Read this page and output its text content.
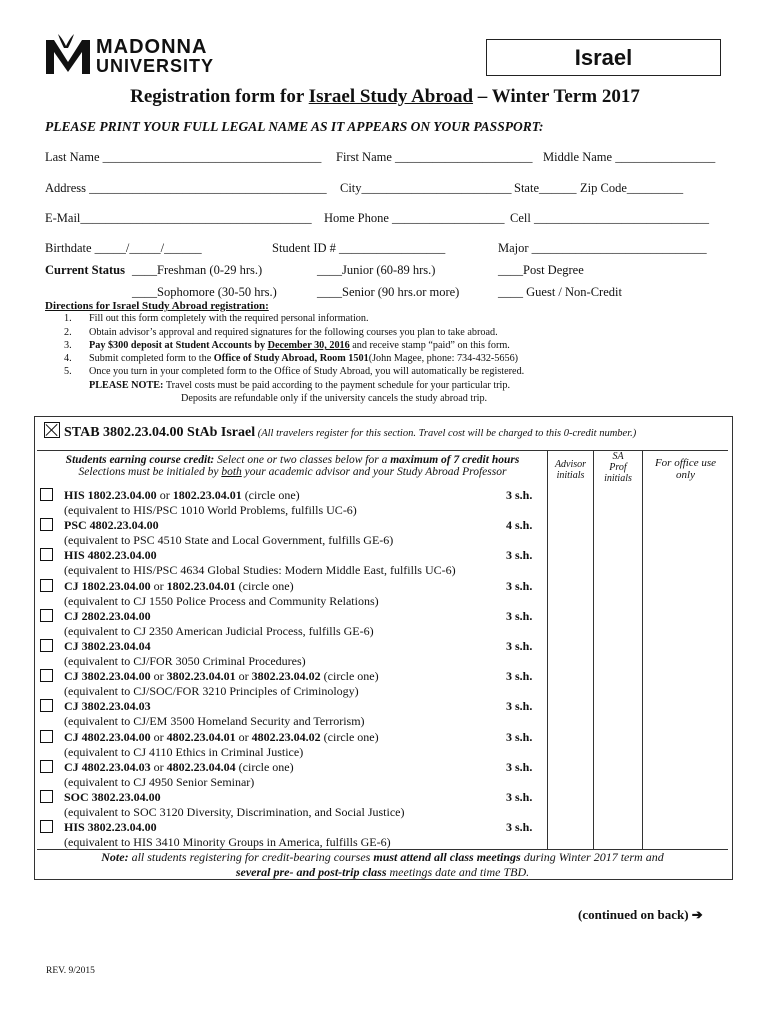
MADONNA
UNIVERSITY	Israel
Registration form for Israel Study Abroad – Winter Term 2017
PLEASE PRINT YOUR FULL LEGAL NAME AS IT APPEARS ON YOUR PASSPORT:
Last Name ___________________________________ First Name ______________________ Middle Name ________________
Address ______________________________________ City________________________ State______ Zip Code_________
E-Mail_____________________________________ Home Phone __________________ Cell ____________________________
Birthdate _____/_____/______	Student ID # _________________	Major ____________________________
Current Status ____Freshman (0-29 hrs.)	____Junior (60-89 hrs.)	____Post Degree
____Sophomore (30-50 hrs.)	____Senior (90 hrs.or more)	____ Guest / Non-Credit
Directions for Israel Study Abroad registration:
1. Fill out this form completely with the required personal information.
2. Obtain advisor’s approval and required signatures for the following courses you plan to take abroad.
3. Pay $300 deposit at Student Accounts by December 30, 2016 and receive stamp “paid” on this form.
4. Submit completed form to the Office of Study Abroad, Room 1501(John Magee, phone: 734-432-5656)
5. Once you turn in your completed form to the Office of Study Abroad, you will automatically be registered.
PLEASE NOTE: Travel costs must be paid according to the payment schedule for your particular trip.
Deposits are refundable only if the university cancels the study abroad trip.
STAB 3802.23.04.00 StAb Israel (All travelers register for this section. Travel cost will be charged to this 0-credit number.)
Students earning course credit: Select one or two classes below for a maximum of 7 credit hours
Selections must be initialed by both your academic advisor and your Study Abroad Professor
Advisor
initials
SA
Prof
initials
For office use
only
HIS 1802.23.04.00 or 1802.23.04.01 (circle one)	3 s.h.
(equivalent to HIS/PSC 1010 World Problems, fulfills UC-6)
PSC 4802.23.04.00	4 s.h.
(equivalent to PSC 4510 State and Local Government, fulfills GE-6)
HIS 4802.23.04.00	3 s.h.
(equivalent to HIS/PSC 4634 Global Studies: Modern Middle East, fulfills UC-6)
CJ 1802.23.04.00 or 1802.23.04.01 (circle one)	3 s.h.
(equivalent to CJ 1550 Police Process and Community Relations)
CJ 2802.23.04.00	3 s.h.
(equivalent to CJ 2350 American Judicial Process, fulfills GE-6)
CJ 3802.23.04.04	3 s.h.
(equivalent to CJ/FOR 3050 Criminal Procedures)
CJ 3802.23.04.00 or 3802.23.04.01 or 3802.23.04.02 (circle one)	3 s.h.
(equivalent to CJ/SOC/FOR 3210 Principles of Criminology)
CJ 3802.23.04.03	3 s.h.
(equivalent to CJ/EM 3500 Homeland Security and Terrorism)
CJ 4802.23.04.00 or 4802.23.04.01 or 4802.23.04.02 (circle one)	3 s.h.
(equivalent to CJ 4110 Ethics in Criminal Justice)
CJ 4802.23.04.03 or 4802.23.04.04 (circle one)	3 s.h.
(equivalent to CJ 4950 Senior Seminar)
SOC 3802.23.04.00	3 s.h.
(equivalent to SOC 3120 Diversity, Discrimination, and Social Justice)
HIS 3802.23.04.00	3 s.h.
(equivalent to HIS 3410 Minority Groups in America, fulfills GE-6)
Note: all students registering for credit-bearing courses must attend all class meetings during Winter 2017 term and
several pre- and post-trip class meetings date and time TBD.
(continued on back) ➔
REV. 9/2015
